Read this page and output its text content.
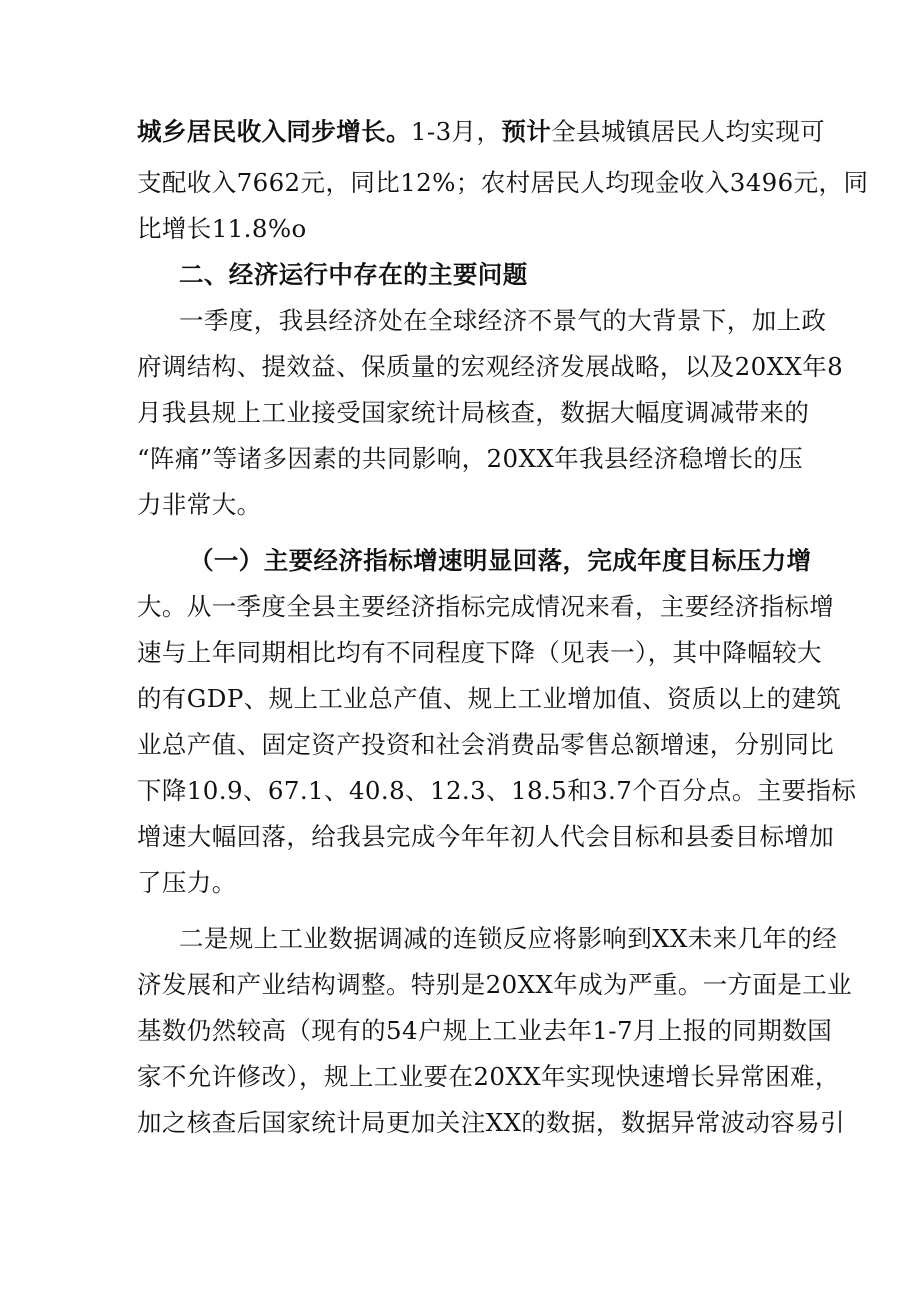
城乡居民收入同步增长。1-3月，预计全县城镇居民人均实现可
支配收入7662元，同比12%；农村居民人均现金收入3496元，同
比增长11.8%o
二、经济运行中存在的主要问题
一季度，我县经济处在全球经济不景气的大背景下，加上政
府调结构、提效益、保质量的宏观经济发展战略，以及20XX年8
月我县规上工业接受国家统计局核查，数据大幅度调减带来的
“阵痛”等诸多因素的共同影响，20XX年我县经济稳增长的压
力非常大。
（一）主要经济指标增速明显回落，完成年度目标压力增
大。从一季度全县主要经济指标完成情况来看，主要经济指标增
速与上年同期相比均有不同程度下降（见表一），其中降幅较大
的有GDP、规上工业总产值、规上工业增加值、资质以上的建筑
业总产值、固定资产投资和社会消费品零售总额增速，分别同比
下降10.9、67.1、40.8、12.3、18.5和3.7个百分点。主要指标
增速大幅回落，给我县完成今年年初人代会目标和县委目标增加
了压力。
二是规上工业数据调减的连锁反应将影响到XX未来几年的经
济发展和产业结构调整。特别是20XX年成为严重。一方面是工业
基数仍然较高（现有的54户规上工业去年1-7月上报的同期数国
家不允许修改），规上工业要在20XX年实现快速增长异常困难，
加之核查后国家统计局更加关注XX的数据，数据异常波动容易引
